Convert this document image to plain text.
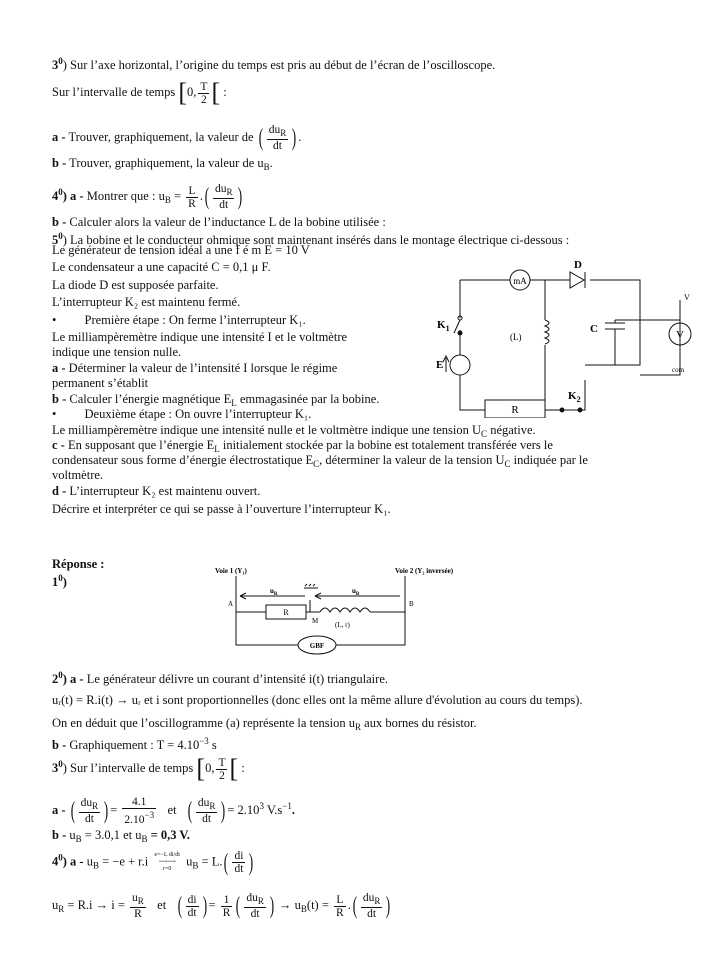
$3^0$) Sur l’axe horizontal, l’origine du temps est pris au début de l’écran de l’oscilloscope.
Sur l’intervalle de temps [0, $\frac{T}{2}$ [ :
a - Trouver, graphiquement, la valeur de ( $\frac{du_R}{dt}$ ) .
b - Trouver, graphiquement, la valeur de $u_B$.
$4^0$) a - Montrer que : $u_B = \frac{L}{R}$ .( $\frac{du_R}{dt}$ )
b - Calculer alors la valeur de l’inductance L de la bobine utilisée :
$5^0$) La bobine et le conducteur ohmique sont maintenant insérés dans le montage électrique ci-dessous :
Le générateur de tension idéal a une f é m E = 10 V
Le condensateur a une capacité C = 0,1 μ F.
La diode D est supposée parfaite.
L’interrupteur K₂ est maintenu fermé.
•         Première étape : On ferme l’interrupteur K₁.
Le milliampèremètre indique une intensité I et le voltmètre
indique une tension nulle.
a - Déterminer la valeur de l’intensité I lorsque le régime
permanent s’établit
b - Calculer l’énergie magnétique $E_L$ emmagasinée par la bobine.
•         Deuxième étape : On ouvre l’interrupteur K₁.
Le milliampèremètre indique une intensité nulle et le voltmètre indique une tension $U_C$ négative.
c - En supposant que l’énergie $E_L$ initialement stockée par la bobine est totalement transférée vers le
condensateur sous forme d’énergie électrostatique $E_C$, déterminer la valeur de la tension $U_C$ indiquée par le
voltmètre.
d - L’interrupteur K₂ est maintenu ouvert.
Décrire et interpréter ce qui se passe à l’ouverture l’interrupteur K₁.
mA
D
$K_1$
E
(L)
C	V
V
com
R
$K_2$
Réponse :
$1^0$)
Voie 1 (Y₁)	Voie 2 (Y₂ inversée)
R
(L, r)
$u_R$	$u_B$
A	B
M
GBF
$2^0$) a - Le générateur délivre un courant d’intensité i(t) triangulaire.
uᵣ(t) = R.i(t) → uᵣ et i sont proportionnelles (donc elles ont la même allure d'évolution au cours du temps).
On en déduit que l’oscillogramme (a) représente la tension $u_R$ aux bornes du résistor.
b - Graphiquement : $T = 4.10^{-3}$ s
$3^0$) Sur l’intervalle de temps [0, $\frac{T}{2}$ [ :
a - ( $\frac{du_R}{dt}$ ) = $\frac{4.1}{2.10^{-3}}$ et ( $\frac{du_R}{dt}$ ) = $2.10^3$ $V.s^{-1}$.
$b - u_B = 3.0,1$ et $u_B = 0,3$ V.
$4^0$) $a - u_B = -e + r.i$ e=−L di/dt
⟶⟶
r=0  $u_B = L.( \frac{di}{dt}$ )
$u_R = R.i \to i = \frac{u_R}{R}$ et ( $\frac{di}{dt}$ ) = $\frac{1}{R}$ ( $\frac{du_R}{dt}$ ) → $u_B(t) = \frac{L}{R}$ .( $\frac{du_R}{dt}$ )
